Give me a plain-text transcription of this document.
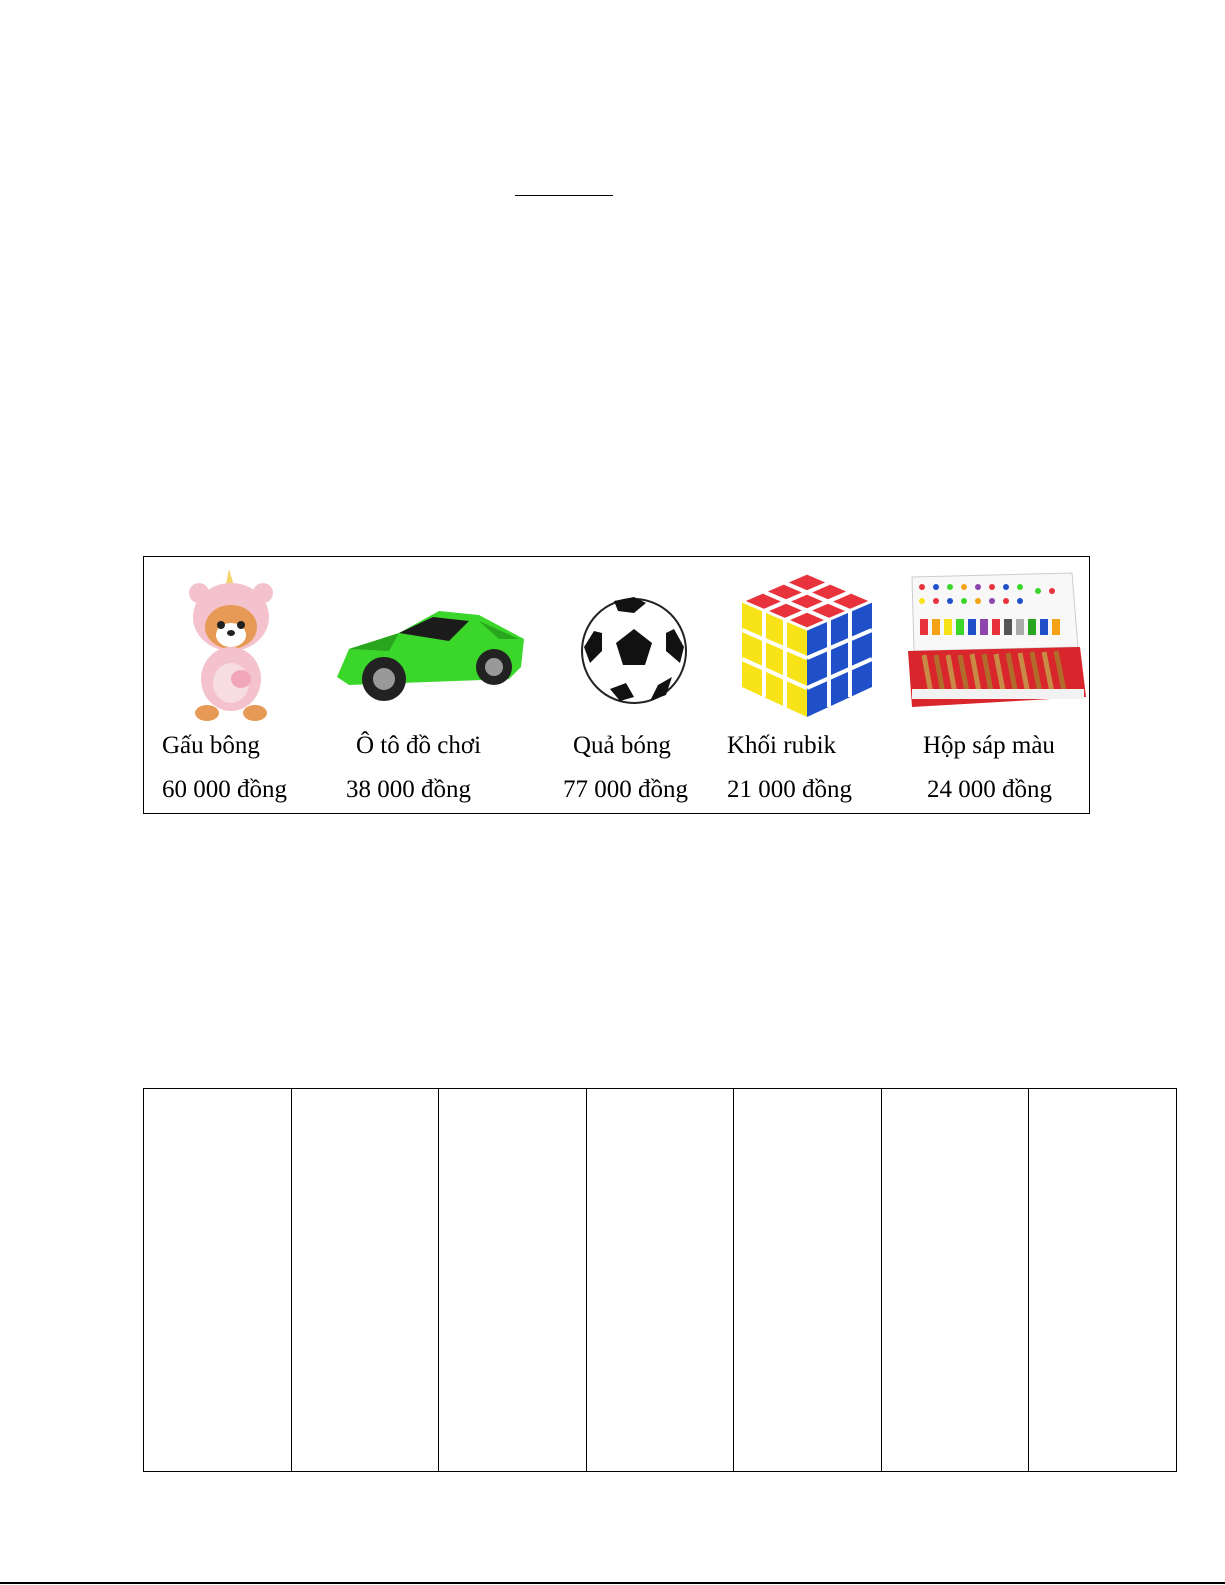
Gấu bông
60 000 đồng
Ô tô đồ chơi
38 000 đồng
Quả bóng
77 000 đồng
Khối rubik
21 000 đồng
Hộp sáp màu
24 000 đồng
